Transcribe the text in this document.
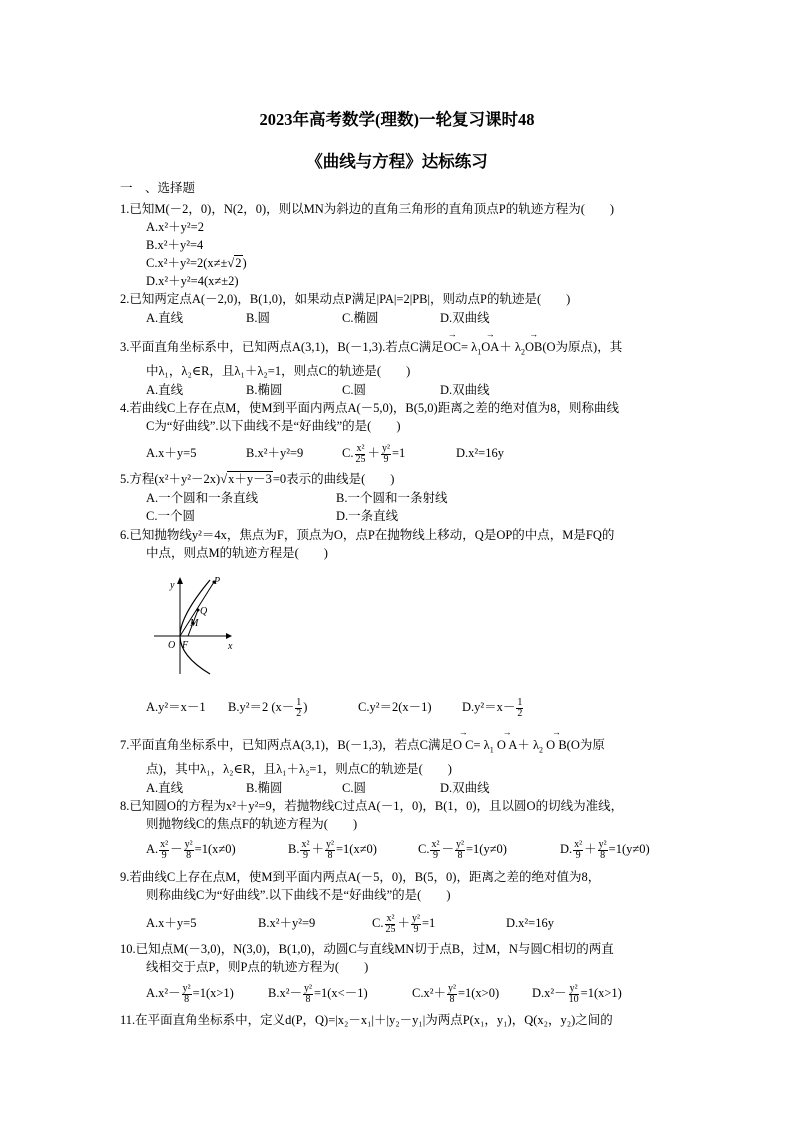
2023年高考数学(理数)一轮复习课时48
《曲线与方程》达标练习
一　、选择题
1.已知M(－2，0)，N(2，0)，则以MN为斜边的直角三角形的直角顶点P的轨迹方程为(　　)
A.x²＋y²=2
B.x²＋y²=4
C.x²＋y²=2(x≠±√2)
D.x²＋y²=4(x≠±2)
2.已知两定点A(－2,0)，B(1,0)，如果动点P满足|PA|=2|PB|，则动点P的轨迹是(　　)
A.直线	B.圆	C.椭圆	D.双曲线
3.平面直角坐标系中，已知两点A(3,1)，B(－1,3).若点C满足→ $OC= \lambda_1\to OA+ \lambda_2\to OB(O$为原点)，其
中λ₁，λ₂∈R，且λ₁＋λ₂=1，则点C的轨迹是(　　)
A.直线	B.椭圆	C.圆	D.双曲线
4.若曲线C上存在点M，使M到平面内两点A(－5,0)，B(5,0)距离之差的绝对值为8，则称曲线
C为“好曲线”.以下曲线不是“好曲线”的是(　　)
A.x＋y=5	B.x²＋y²=9	C. $\frac{\text{x²}}{25} + \frac{\text{y²}}{9} =1$	D.x²=16y
5.方程(x²＋y²－2x)√x＋y－3=0表示的曲线是(　　)
A.一个圆和一条直线	B.一个圆和一条射线
C.一个圆	D.一条直线
6.已知抛物线y²＝4x，焦点为F，顶点为O，点P在抛物线上移动，Q是OP的中点，M是FQ的
中点，则点M的轨迹方程是(　　)
y
x
O F
P
Q
M
A.y²＝x－1 B.y²＝2 ($x- \frac{1}{2}$ )	C.y²＝2(x－1) $D.y^2=x- \frac{1}{2}$
7.平面直角坐标系中，已知两点A(3,1)，B(－1,3)，若点C满足→ O $C= \lambda_1 \to O$ $A+ \lambda_2 \to O$ B(O为原
点)，其中λ₁，λ₂∈R，且λ₁＋λ₂=1，则点C的轨迹是(　　)
A.直线	B.椭圆	C.圆	D.双曲线
8.已知圆O的方程为x²＋y²=9，若抛物线C过点A(－1，0)，B(1，0)，且以圆O的切线为准线，
则抛物线C的焦点F的轨迹方程为(　　)
A. $\frac{\text{x²}}{9} - \frac{\text{y²}}{8} =1(x\ne 0)$	B. $\frac{\text{x²}}{9} + \frac{\text{y²}}{8} =1(x\ne 0)$	C. $\frac{\text{x²}}{9} - \frac{\text{y²}}{8} =1(y\ne 0)$	D. $\frac{\text{x²}}{9} + \frac{\text{y²}}{8} =1(y\ne 0)$
9.若曲线C上存在点M，使M到平面内两点A(－5，0)，B(5，0)，距离之差的绝对值为8，
则称曲线C为“好曲线”.以下曲线不是“好曲线”的是(　　)
A.x＋y=5	B.x²＋y²=9	C. $\frac{\text{x²}}{25} + \frac{\text{y²}}{9} =1$	D.x²=16y
10.已知点M(－3,0)，N(3,0)，B(1,0)，动圆C与直线MN切于点B，过M，N与圆C相切的两直
线相交于点P，则P点的轨迹方程为(　　)
$A.x^2- \frac{\text{y²}}{8} =1(x>1)$	$B.x^2- \frac{\text{y²}}{8} =1(x<-1)$	$C.x^2+ \frac{\text{y²}}{8} =1(x>0)$	$D.x^2- \frac{\text{y²}}{10} =1(x>1)$
11.在平面直角坐标系中，定义d(P，Q)=|x₂－x₁|＋|y₂－y₁|为两点P(x₁，y₁)，Q(x₂，y₂)之间的
